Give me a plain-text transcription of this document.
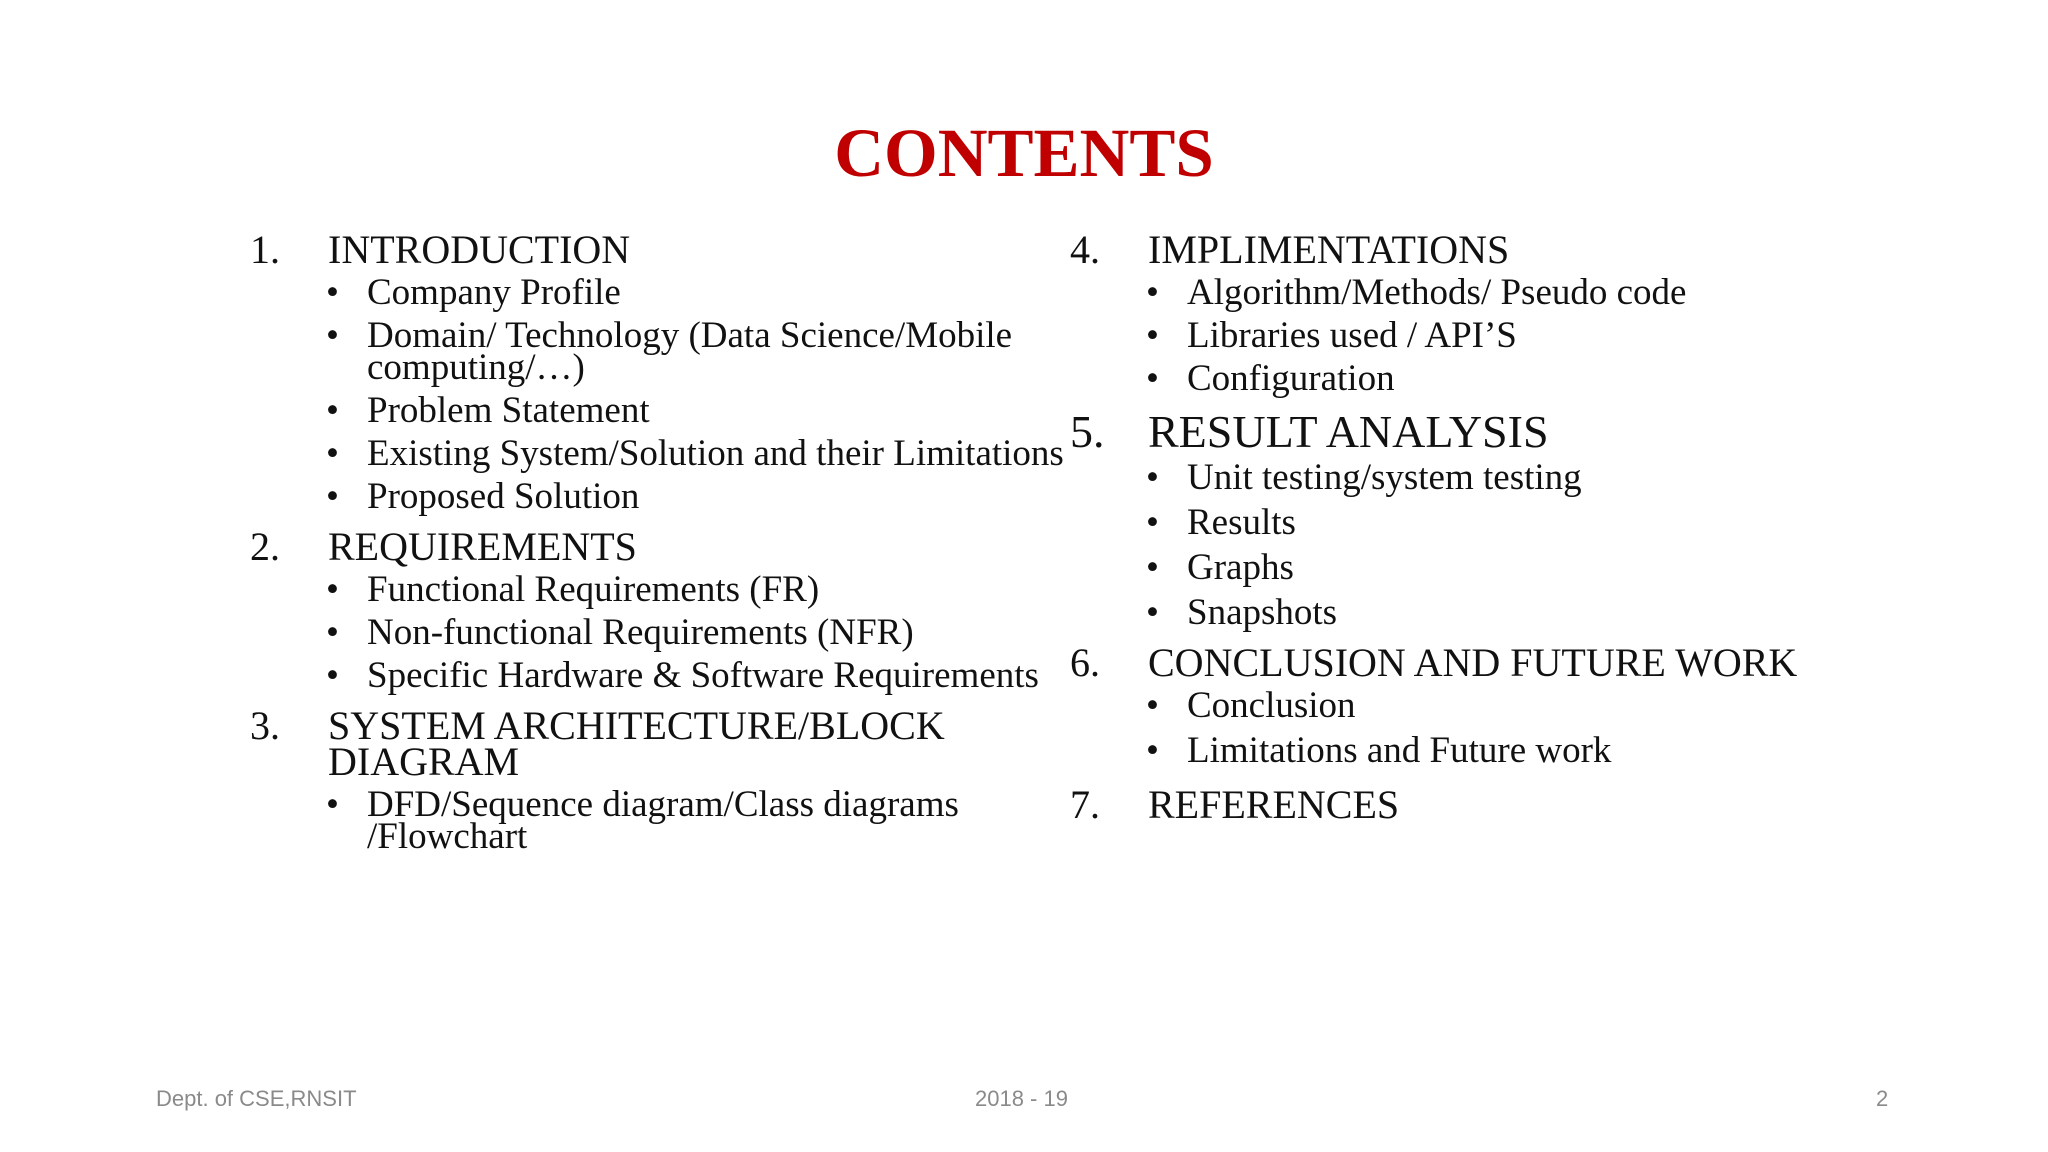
CONTENTS
1. INTRODUCTION
• Company Profile
• Domain/ Technology (Data Science/Mobile computing/…)
• Problem Statement
• Existing System/Solution and their Limitations
• Proposed Solution
2. REQUIREMENTS
• Functional Requirements (FR)
• Non-functional Requirements (NFR)
• Specific Hardware & Software Requirements
3. SYSTEM ARCHITECTURE/BLOCK DIAGRAM
• DFD/Sequence diagram/Class diagrams /Flowchart
4. IMPLIMENTATIONS
• Algorithm/Methods/ Pseudo code
• Libraries used / API’S
• Configuration
5. RESULT ANALYSIS
• Unit testing/system testing
• Results
• Graphs
• Snapshots
6. CONCLUSION AND FUTURE WORK
• Conclusion
• Limitations and Future work
7. REFERENCES
Dept. of CSE,RNSIT	2018 - 19	2
